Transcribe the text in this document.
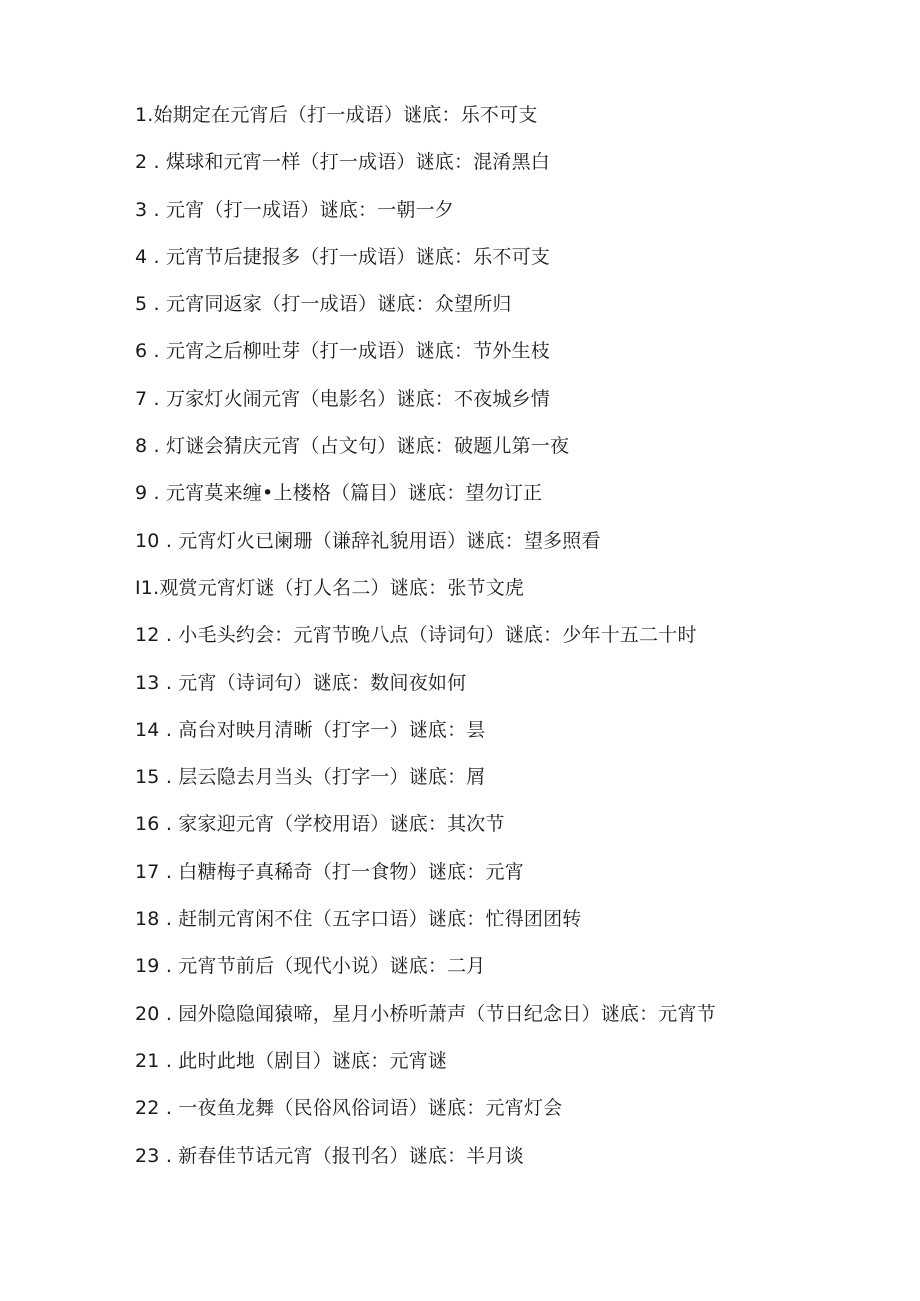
1.始期定在元宵后（打一成语）谜底：乐不可支
2 . 煤球和元宵一样（打一成语）谜底：混淆黑白
3 . 元宵（打一成语）谜底：一朝一夕
4 . 元宵节后捷报多（打一成语）谜底：乐不可支
5 . 元宵同返家（打一成语）谜底：众望所归
6 . 元宵之后柳吐芽（打一成语）谜底：节外生枝
7 . 万家灯火闹元宵（电影名）谜底：不夜城乡情
8 . 灯谜会猜庆元宵（占文句）谜底：破题儿第一夜
9 . 元宵莫来缠•上楼格（篇目）谜底：望勿订正
10 . 元宵灯火已阑珊（谦辞礼貌用语）谜底：望多照看
I1.观赏元宵灯谜（打人名二）谜底：张节文虎
12 . 小毛头约会：元宵节晚八点（诗词句）谜底：少年十五二十时
13 . 元宵（诗词句）谜底：数间夜如何
14 . 高台对映月清晰（打字一）谜底：昙
15 . 层云隐去月当头（打字一）谜底：屑
16 . 家家迎元宵（学校用语）谜底：其次节
17 . 白糖梅子真稀奇（打一食物）谜底：元宵
18 . 赶制元宵闲不住（五字口语）谜底：忙得团团转
19 . 元宵节前后（现代小说）谜底：二月
20 . 园外隐隐闻猿啼，星月小桥听萧声（节日纪念日）谜底：元宵节
21 . 此时此地（剧目）谜底：元宵谜
22 . 一夜鱼龙舞（民俗风俗词语）谜底：元宵灯会
23 . 新春佳节话元宵（报刊名）谜底：半月谈
